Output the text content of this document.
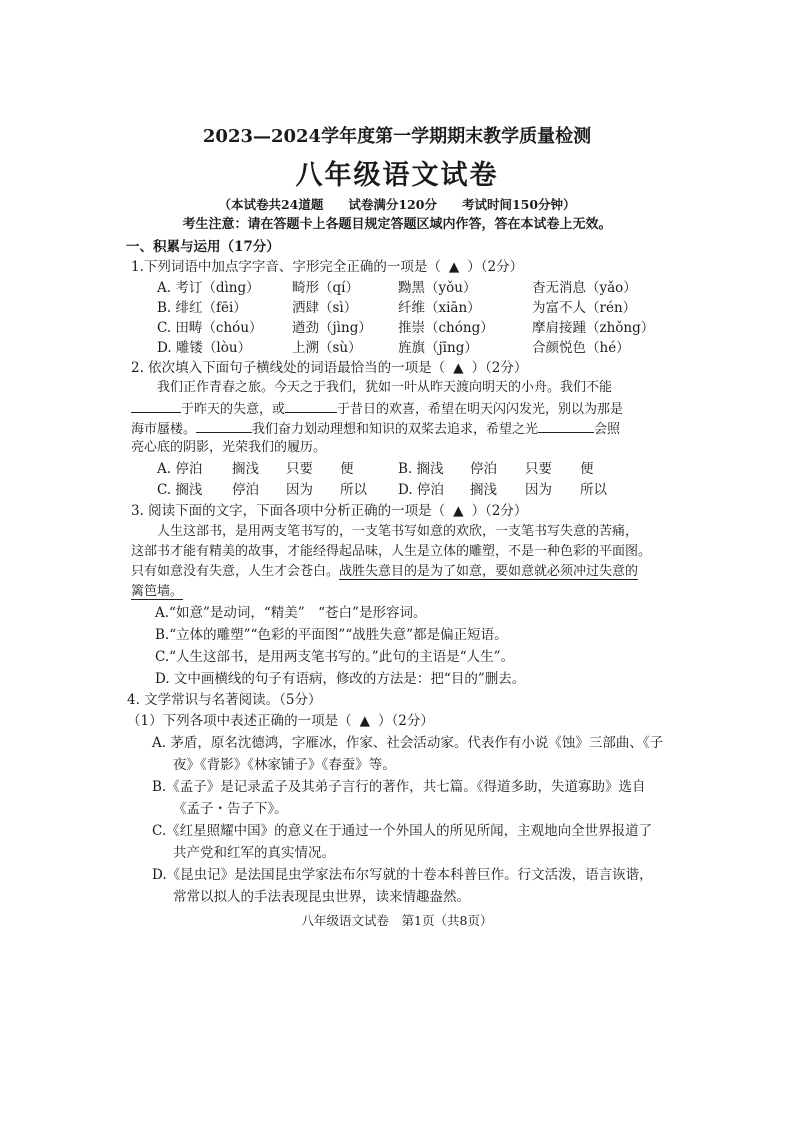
2023—2024学年度第一学期期末教学质量检测
八年级语文试卷
（本试卷共24道题　　试卷满分120分　　考试时间150分钟）
考生注意：请在答题卡上各题目规定答题区域内作答，答在本试卷上无效。
一、积累与运用（17分）
1.下列词语中加点字字音、字形完全正确的一项是（ ▲ ）（2分）
A. 考订（dìng） 畸形（qí）	黝黑（yǒu）	杳无消息（yǎo）
B. 绯红（fēi）	洒肆（sì）	纤维（xiān）	为富不人（rén）
C. 田畴（chóu） 遒劲（jìng） 推崇（chóng）	摩肩接踵（zhǒng）
D. 雕镂（lòu）	上溯（sù）	旌旗（jīng）	合颜悦色（hé）
2. 依次填入下面句子横线处的词语最恰当的一项是（ ▲ ）（2分）
我们正作青春之旅。今天之于我们，犹如一叶从昨天渡向明天的小舟。我们不能
于昨天的失意，或	于昔日的欢喜，希望在明天闪闪发光，别以为那是
海市蜃楼。	我们奋力划动理想和知识的双桨去追求，希望之光	会照
亮心底的阴影，光荣我们的履历。
A. 停泊 搁浅 只要 便	B. 搁浅 停泊 只要 便
C. 搁浅 停泊 因为 所以 D. 停泊 搁浅 因为 所以
3. 阅读下面的文字，下面各项中分析正确的一项是（ ▲ ）（2分）
人生这部书，是用两支笔书写的，一支笔书写如意的欢欣，一支笔书写失意的苦痛，
这部书才能有精美的故事，才能经得起品味，人生是立体的雕塑，不是一种色彩的平面图。
只有如意没有失意，人生才会苍白。战胜失意目的是为了如意，要如意就必须冲过失意的
篱笆墙。
A.“如意”是动词，“精美”　“苍白”是形容词。
B.“立体的雕塑”“色彩的平面图”“战胜失意”都是偏正短语。
C.“人生这部书，是用两支笔书写的。”此句的主语是“人生”。
D. 文中画横线的句子有语病，修改的方法是：把“目的”删去。
4. 文学常识与名著阅读。（5分）
（1）下列各项中表述正确的一项是（ ▲ ）（2分）
A. 茅盾，原名沈德鸿，字雁冰，作家、社会活动家。代表作有小说《蚀》三部曲、《子
夜》《背影》《林家铺子》《春蚕》等。
B.《孟子》是记录孟子及其弟子言行的著作，共七篇。《得道多助，失道寡助》选自
《孟子・告子下》。
C.《红星照耀中国》的意义在于通过一个外国人的所见所闻，主观地向全世界报道了
共产党和红军的真实情况。
D.《昆虫记》是法国昆虫学家法布尔写就的十卷本科普巨作。行文活泼，语言诙谐，
常常以拟人的手法表现昆虫世界，读来情趣盎然。
八年级语文试卷　第1页（共8页）
